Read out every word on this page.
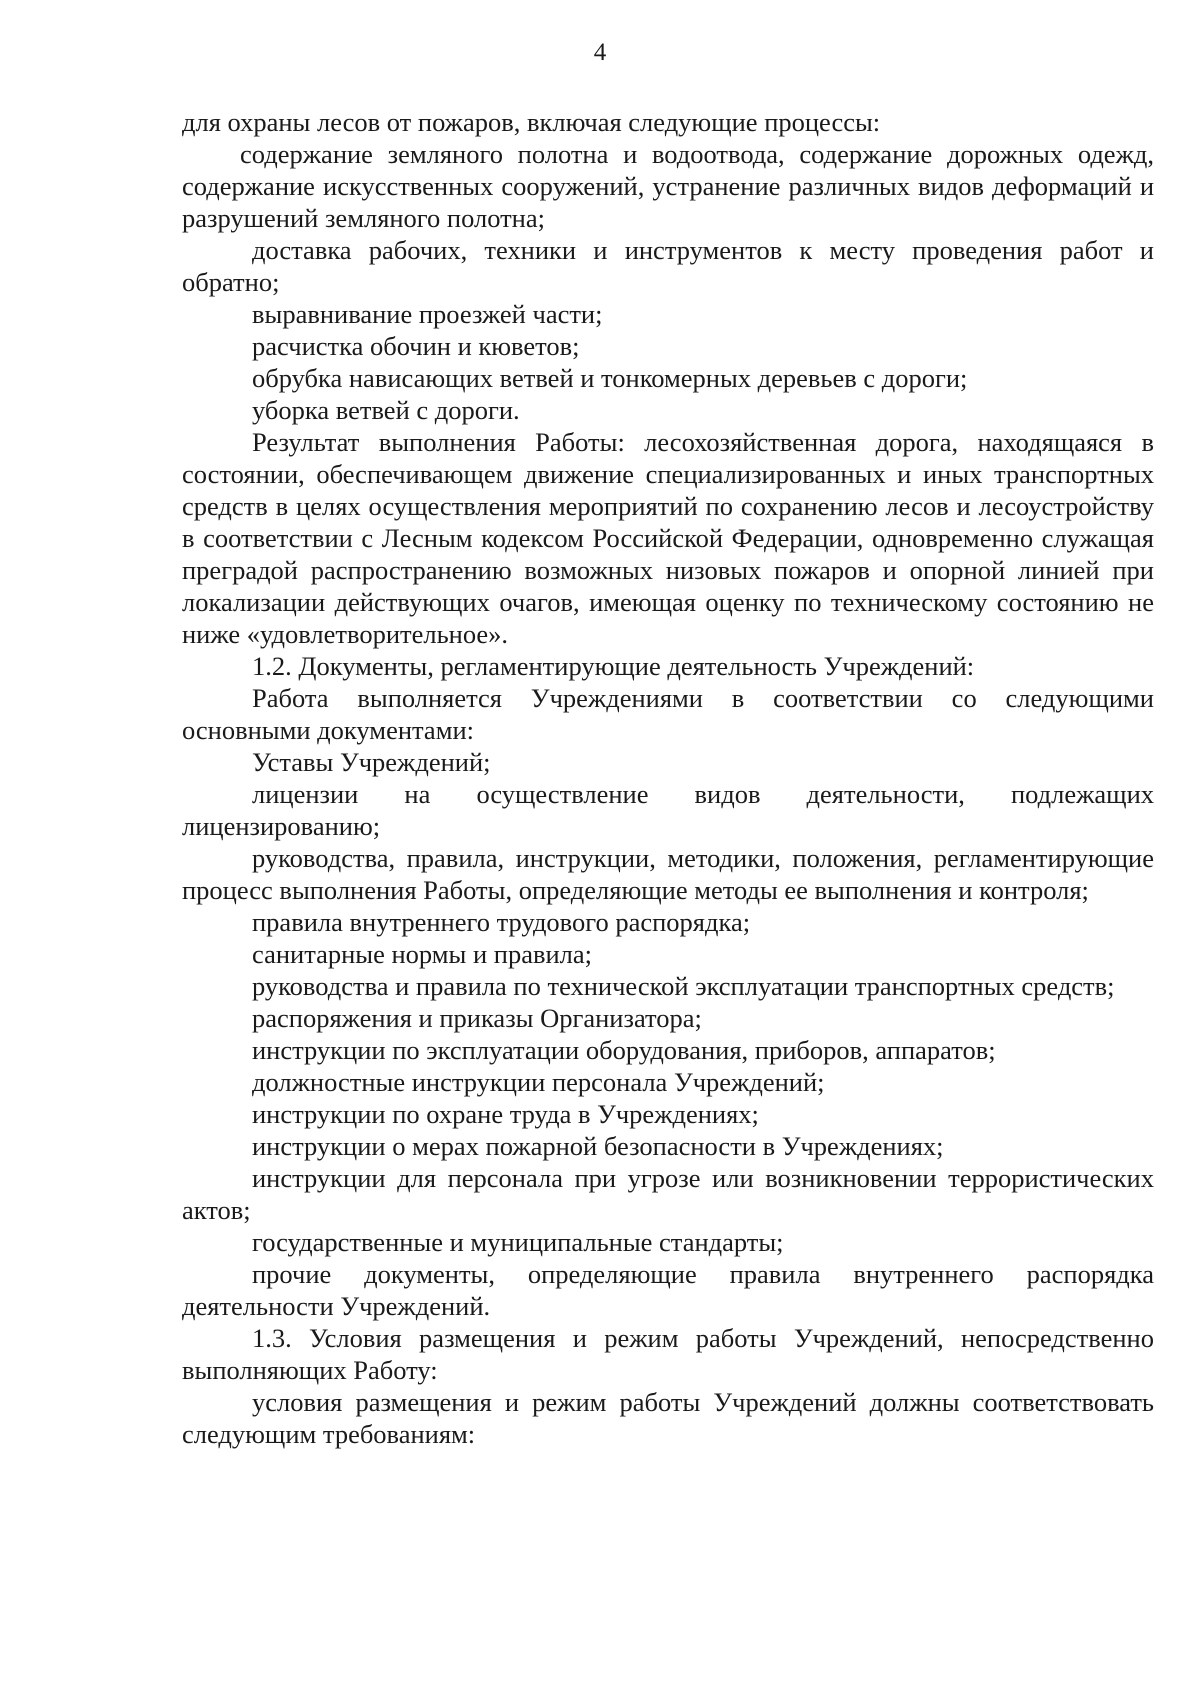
4

для охраны лесов от пожаров, включая следующие процессы:

содержание земляного полотна и водоотвода, содержание дорожных одежд, содержание искусственных сооружений, устранение различных видов деформаций и разрушений земляного полотна;

доставка рабочих, техники и инструментов к месту проведения работ и обратно;

выравнивание проезжей части;

расчистка обочин и кюветов;

обрубка нависающих ветвей и тонкомерных деревьев с дороги;

уборка ветвей с дороги.

Результат выполнения Работы: лесохозяйственная дорога, находящаяся в состоянии, обеспечивающем движение специализированных и иных транспортных средств в целях осуществления мероприятий по сохранению лесов и лесоустройству в соответствии с Лесным кодексом Российской Федерации, одновременно служащая преградой распространению возможных низовых пожаров и опорной линией при локализации действующих очагов, имеющая оценку по техническому состоянию не ниже «удовлетворительное».

1.2. Документы, регламентирующие деятельность Учреждений:

Работа выполняется Учреждениями в соответствии со следующими основными документами:

Уставы Учреждений;

лицензии на осуществление видов деятельности, подлежащих лицензированию;

руководства, правила, инструкции, методики, положения, регламентирующие процесс выполнения Работы, определяющие методы ее выполнения и контроля;

правила внутреннего трудового распорядка;

санитарные нормы и правила;

руководства и правила по технической эксплуатации транспортных средств;

распоряжения и приказы Организатора;

инструкции по эксплуатации оборудования, приборов, аппаратов;

должностные инструкции персонала Учреждений;

инструкции по охране труда в Учреждениях;

инструкции о мерах пожарной безопасности в Учреждениях;

инструкции для персонала при угрозе или возникновении террористических актов;

государственные и муниципальные стандарты;

прочие документы, определяющие правила внутреннего распорядка деятельности Учреждений.

1.3. Условия размещения и режим работы Учреждений, непосредственно выполняющих Работу:

условия размещения и режим работы Учреждений должны соответствовать следующим требованиям:
